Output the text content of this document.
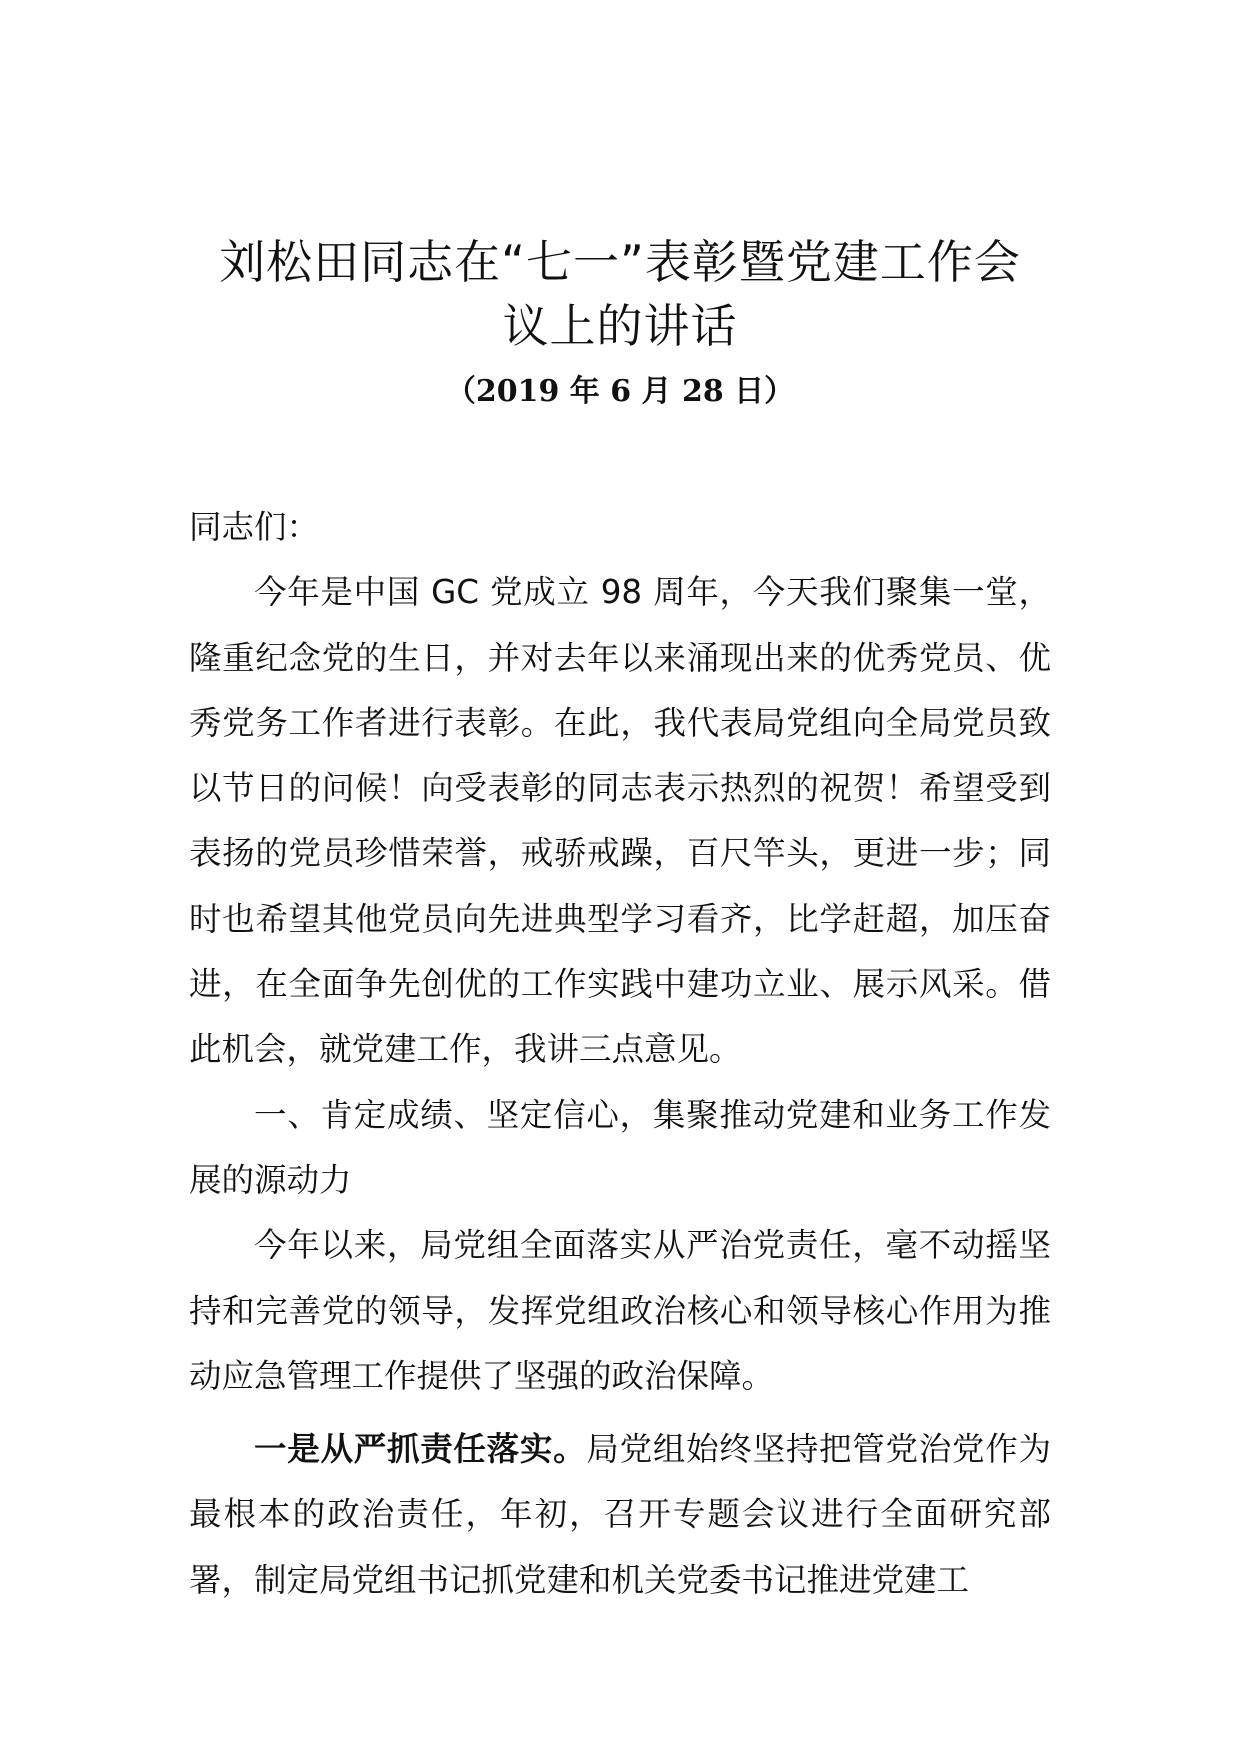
刘松田同志在“七一”表彰暨党建工作会
议上的讲话
（2019 年 6 月 28 日）

同志们：

今年是中国 GC 党成立 98 周年，今天我们聚集一堂，隆重纪念党的生日，并对去年以来涌现出来的优秀党员、优秀党务工作者进行表彰。在此，我代表局党组向全局党员致以节日的问候！向受表彰的同志表示热烈的祝贺！希望受到表扬的党员珍惜荣誉，戒骄戒躁，百尺竿头，更进一步；同时也希望其他党员向先进典型学习看齐，比学赶超，加压奋进，在全面争先创优的工作实践中建功立业、展示风采。借此机会，就党建工作，我讲三点意见。

一、肯定成绩、坚定信心，集聚推动党建和业务工作发展的源动力

今年以来，局党组全面落实从严治党责任，毫不动摇坚持和完善党的领导，发挥党组政治核心和领导核心作用为推动应急管理工作提供了坚强的政治保障。

一是从严抓责任落实。局党组始终坚持把管党治党作为最根本的政治责任，年初，召开专题会议进行全面研究部署，制定局党组书记抓党建和机关党委书记推进党建工
